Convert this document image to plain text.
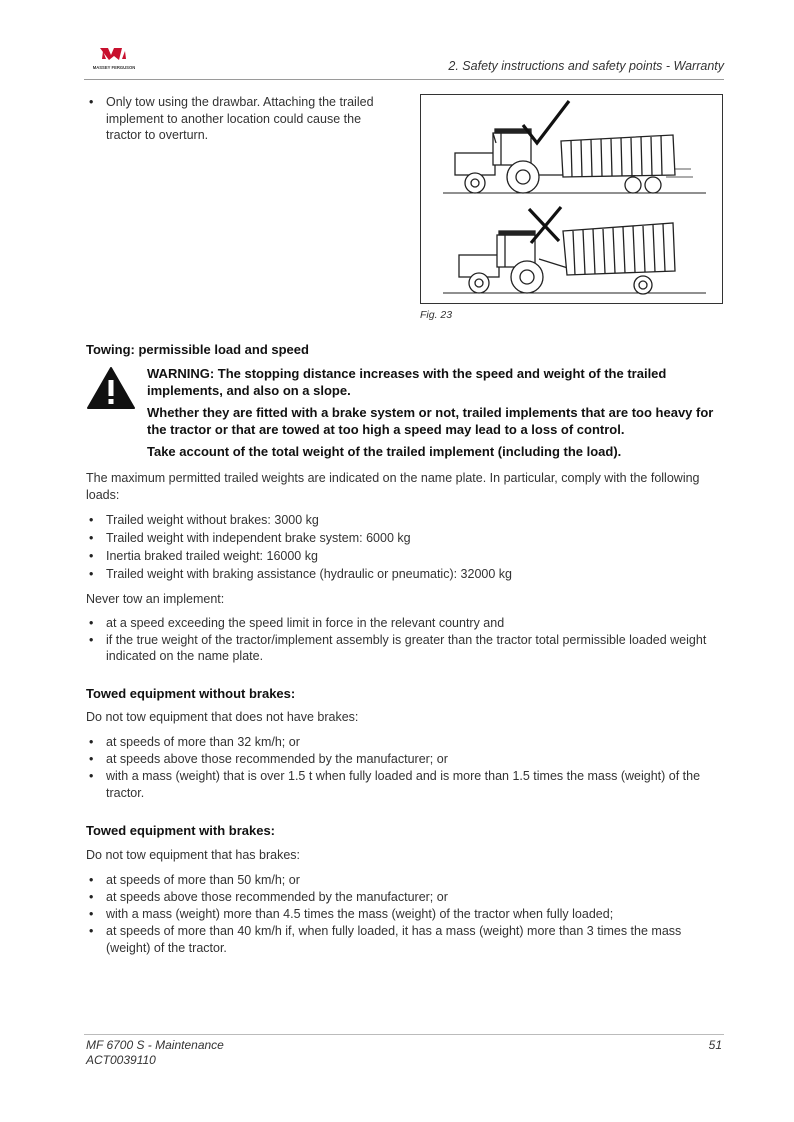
MASSEY FERGUSON	2. Safety instructions and safety points - Warranty
• Only tow using the drawbar. Attaching the trailed implement to another location could cause the tractor to overturn.
Fig. 23
Towing: permissible load and speed
WARNING: The stopping distance increases with the speed and weight of the trailed implements, and also on a slope.
Whether they are fitted with a brake system or not, trailed implements that are too heavy for the tractor or that are towed at too high a speed may lead to a loss of control.
Take account of the total weight of the trailed implement (including the load).
The maximum permitted trailed weights are indicated on the name plate. In particular, comply with the following loads:
• Trailed weight without brakes: 3000 kg
• Trailed weight with independent brake system: 6000 kg
• Inertia braked trailed weight: 16000 kg
• Trailed weight with braking assistance (hydraulic or pneumatic): 32000 kg
Never tow an implement:
• at a speed exceeding the speed limit in force in the relevant country and
• if the true weight of the tractor/implement assembly is greater than the tractor total permissible loaded weight indicated on the name plate.
Towed equipment without brakes:
Do not tow equipment that does not have brakes:
• at speeds of more than 32 km/h; or
• at speeds above those recommended by the manufacturer; or
• with a mass (weight) that is over 1.5 t when fully loaded and is more than 1.5 times the mass (weight) of the tractor.
Towed equipment with brakes:
Do not tow equipment that has brakes:
• at speeds of more than 50 km/h; or
• at speeds above those recommended by the manufacturer; or
• with a mass (weight) more than 4.5 times the mass (weight) of the tractor when fully loaded;
• at speeds of more than 40 km/h if, when fully loaded, it has a mass (weight) more than 3 times the mass (weight) of the tractor.
MF 6700 S - Maintenance
ACT0039110
51
